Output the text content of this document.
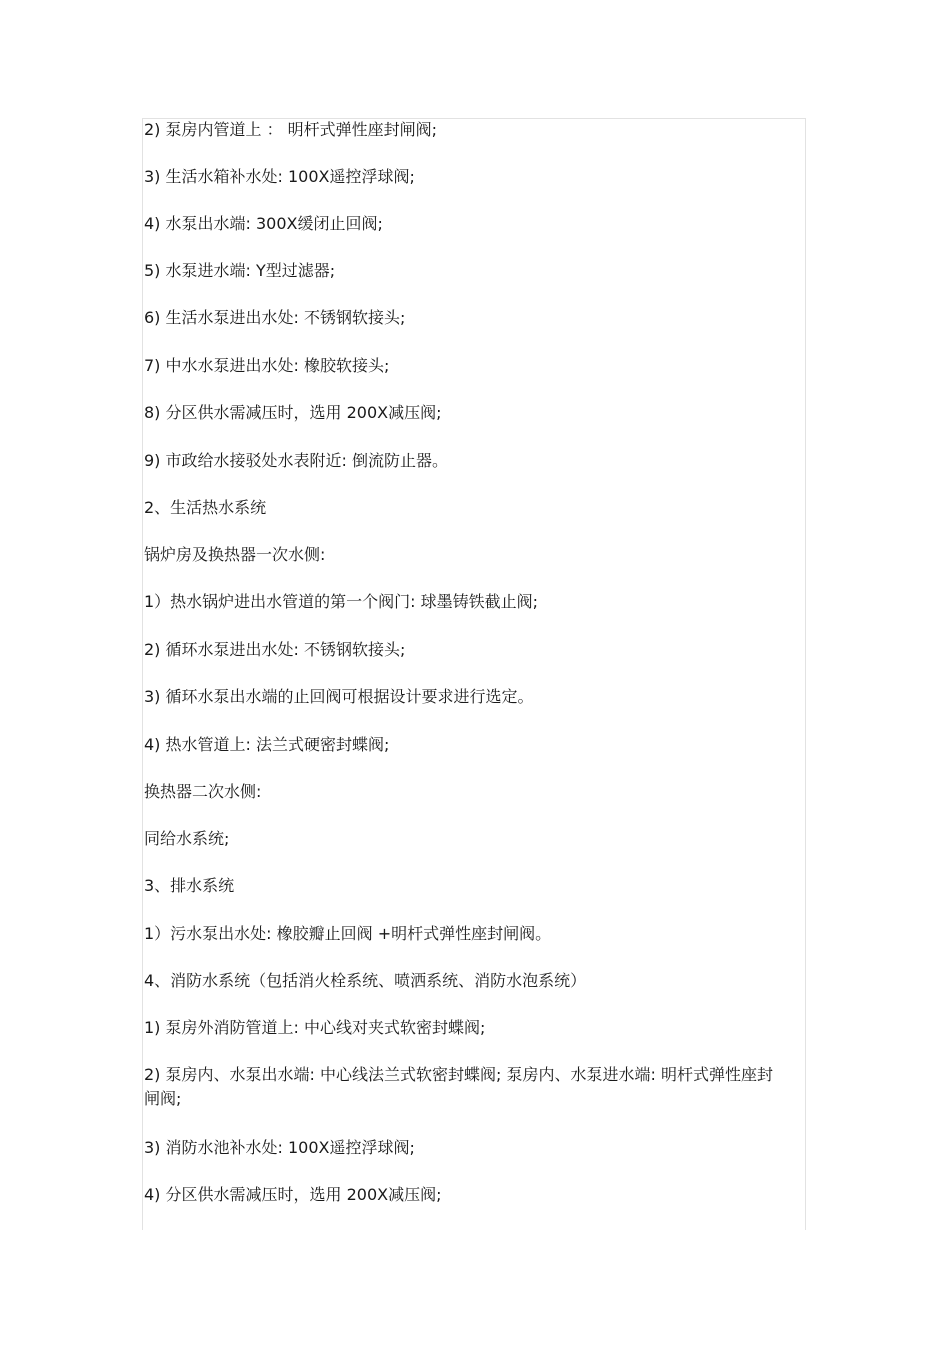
2) 泵房内管道上 ： 明杆式弹性座封闸阀;
3) 生活水箱补水处: 100X遥控浮球阀;
4) 水泵出水端: 300X缓闭止回阀;
5) 水泵进水端: Y型过滤器;
6) 生活水泵进出水处: 不锈钢软接头;
7) 中水水泵进出水处: 橡胶软接头;
8) 分区供水需减压时，选用 200X减压阀;
9) 市政给水接驳处水表附近: 倒流防止器。
2、生活热水系统
锅炉房及换热器一次水侧:
1）热水锅炉进出水管道的第一个阀门: 球墨铸铁截止阀;
2) 循环水泵进出水处: 不锈钢软接头;
3) 循环水泵出水端的止回阀可根据设计要求进行选定。
4) 热水管道上: 法兰式硬密封蝶阀;
换热器二次水侧:
同给水系统;
3、排水系统
1）污水泵出水处: 橡胶瓣止回阀 +明杆式弹性座封闸阀。
4、消防水系统（包括消火栓系统、喷洒系统、消防水泡系统）
1) 泵房外消防管道上: 中心线对夹式软密封蝶阀;
2) 泵房内、水泵出水端: 中心线法兰式软密封蝶阀; 泵房内、水泵进水端: 明杆式弹性座封闸阀;
3) 消防水池补水处: 100X遥控浮球阀;
4) 分区供水需减压时，选用 200X减压阀;
